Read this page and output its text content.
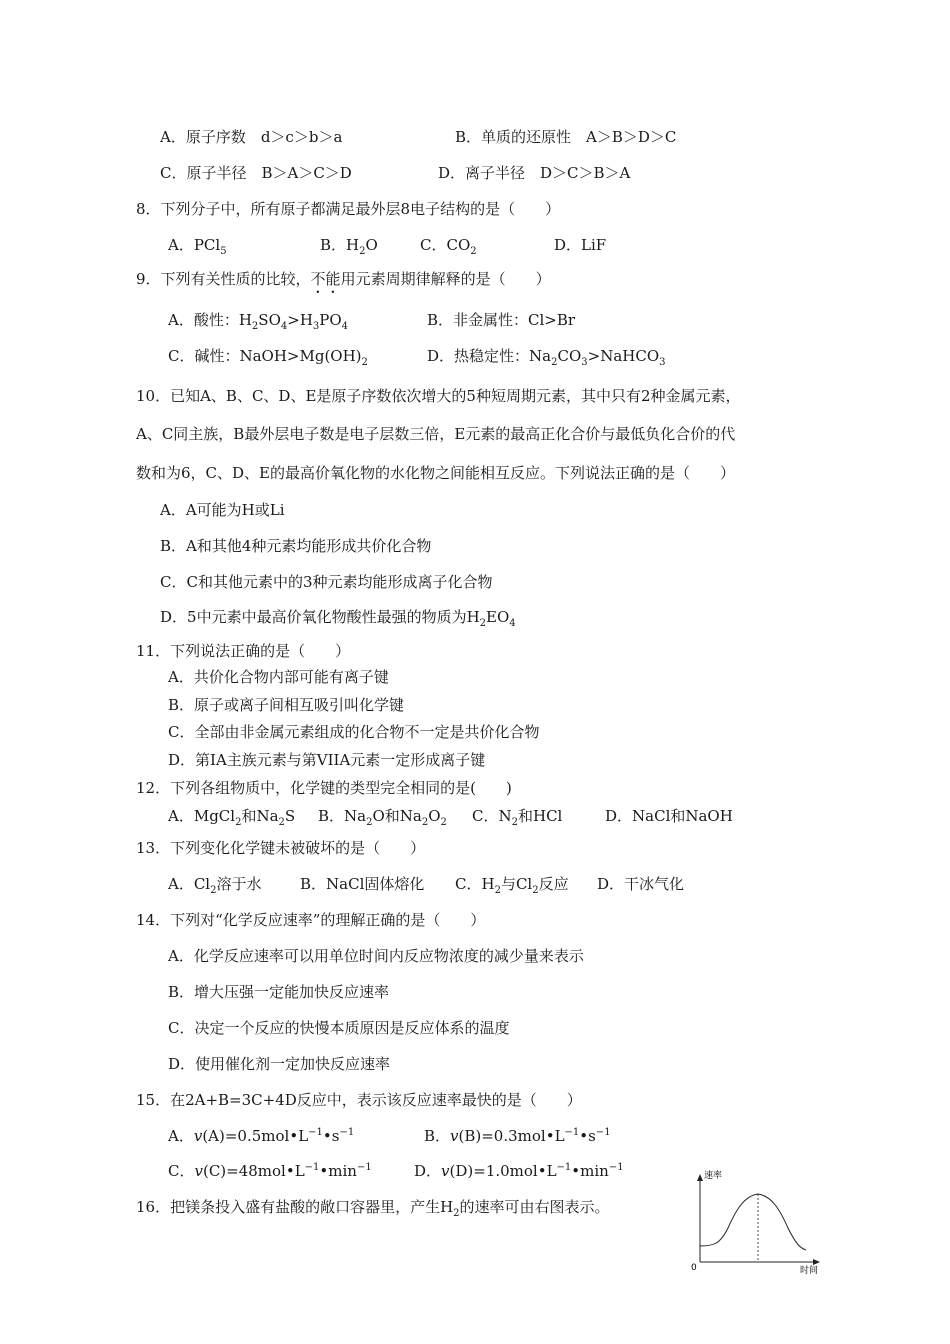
A．原子序数　d＞c＞b＞a	B．单质的还原性　A＞B＞D＞C
C．原子半径　B＞A＞C＞D	D．离子半径　D＞C＞B＞A
8．下列分子中，所有原子都满足最外层8电子结构的是（　　）
A．PCl$_5$	B．$H_2O$	C．$CO_2$	D．LiF
9．下列有关性质的比较，不能用元素周期律解释的是（　　）
A．酸性：$H_2SO_4>H_3PO_4$	B．非金属性：Cl>Br
C．碱性：$NaOH>Mg(OH)_2$	D．热稳定性：$Na_2CO_3>NaHCO_3$
10．已知A、B、C、D、E是原子序数依次增大的5种短周期元素，其中只有2种金属元素，
A、C同主族，B最外层电子数是电子层数三倍，E元素的最高正化合价与最低负化合价的代
数和为6，C、D、E的最高价氧化物的水化物之间能相互反应。下列说法正确的是（　　）
A．A可能为H或Li
B．A和其他4种元素均能形成共价化合物
C．C和其他元素中的3种元素均能形成离子化合物
D．5中元素中最高价氧化物酸性最强的物质为$H_2EO_4$
11．下列说法正确的是（　　）
A．共价化合物内部可能有离子键
B．原子或离子间相互吸引叫化学键
C．全部由非金属元素组成的化合物不一定是共价化合物
D．第IA主族元素与第VIIA元素一定形成离子键
12．下列各组物质中，化学键的类型完全相同的是(　　)
A．MgCl$_2$和$Na_2S$ B．$Na_2O$和$Na_2O_2$ C．$N_2$和HCl	D．NaCl和NaOH
13．下列变化化学键未被破坏的是（　　）
A．$Cl_2$溶于水	B．NaCl固体熔化 C．$H_2$与$Cl_2$反应 D．干冰气化
14．下列对“化学反应速率”的理解正确的是（　　）
A．化学反应速率可以用单位时间内反应物浓度的减少量来表示
B．增大压强一定能加快反应速率
C．决定一个反应的快慢本质原因是反应体系的温度
D．使用催化剂一定加快反应速率
15．在2A+B=3C+4D反应中，表示该反应速率最快的是（　　）
A．$v(A)=0.5mol•L^{-1}•s^{-1}$	B．$v(B)=0.3mol•L^{-1}•s^{-1}$
C．$v(C)=48mol•L^{-1}•\min^{-1}$	D．$v(D)=1.0mol•L^{-1}•\min^{-1}$
16．把镁条投入盛有盐酸的敞口容器里，产生$H_2$的速率可由右图表示。
速率
时间
0
